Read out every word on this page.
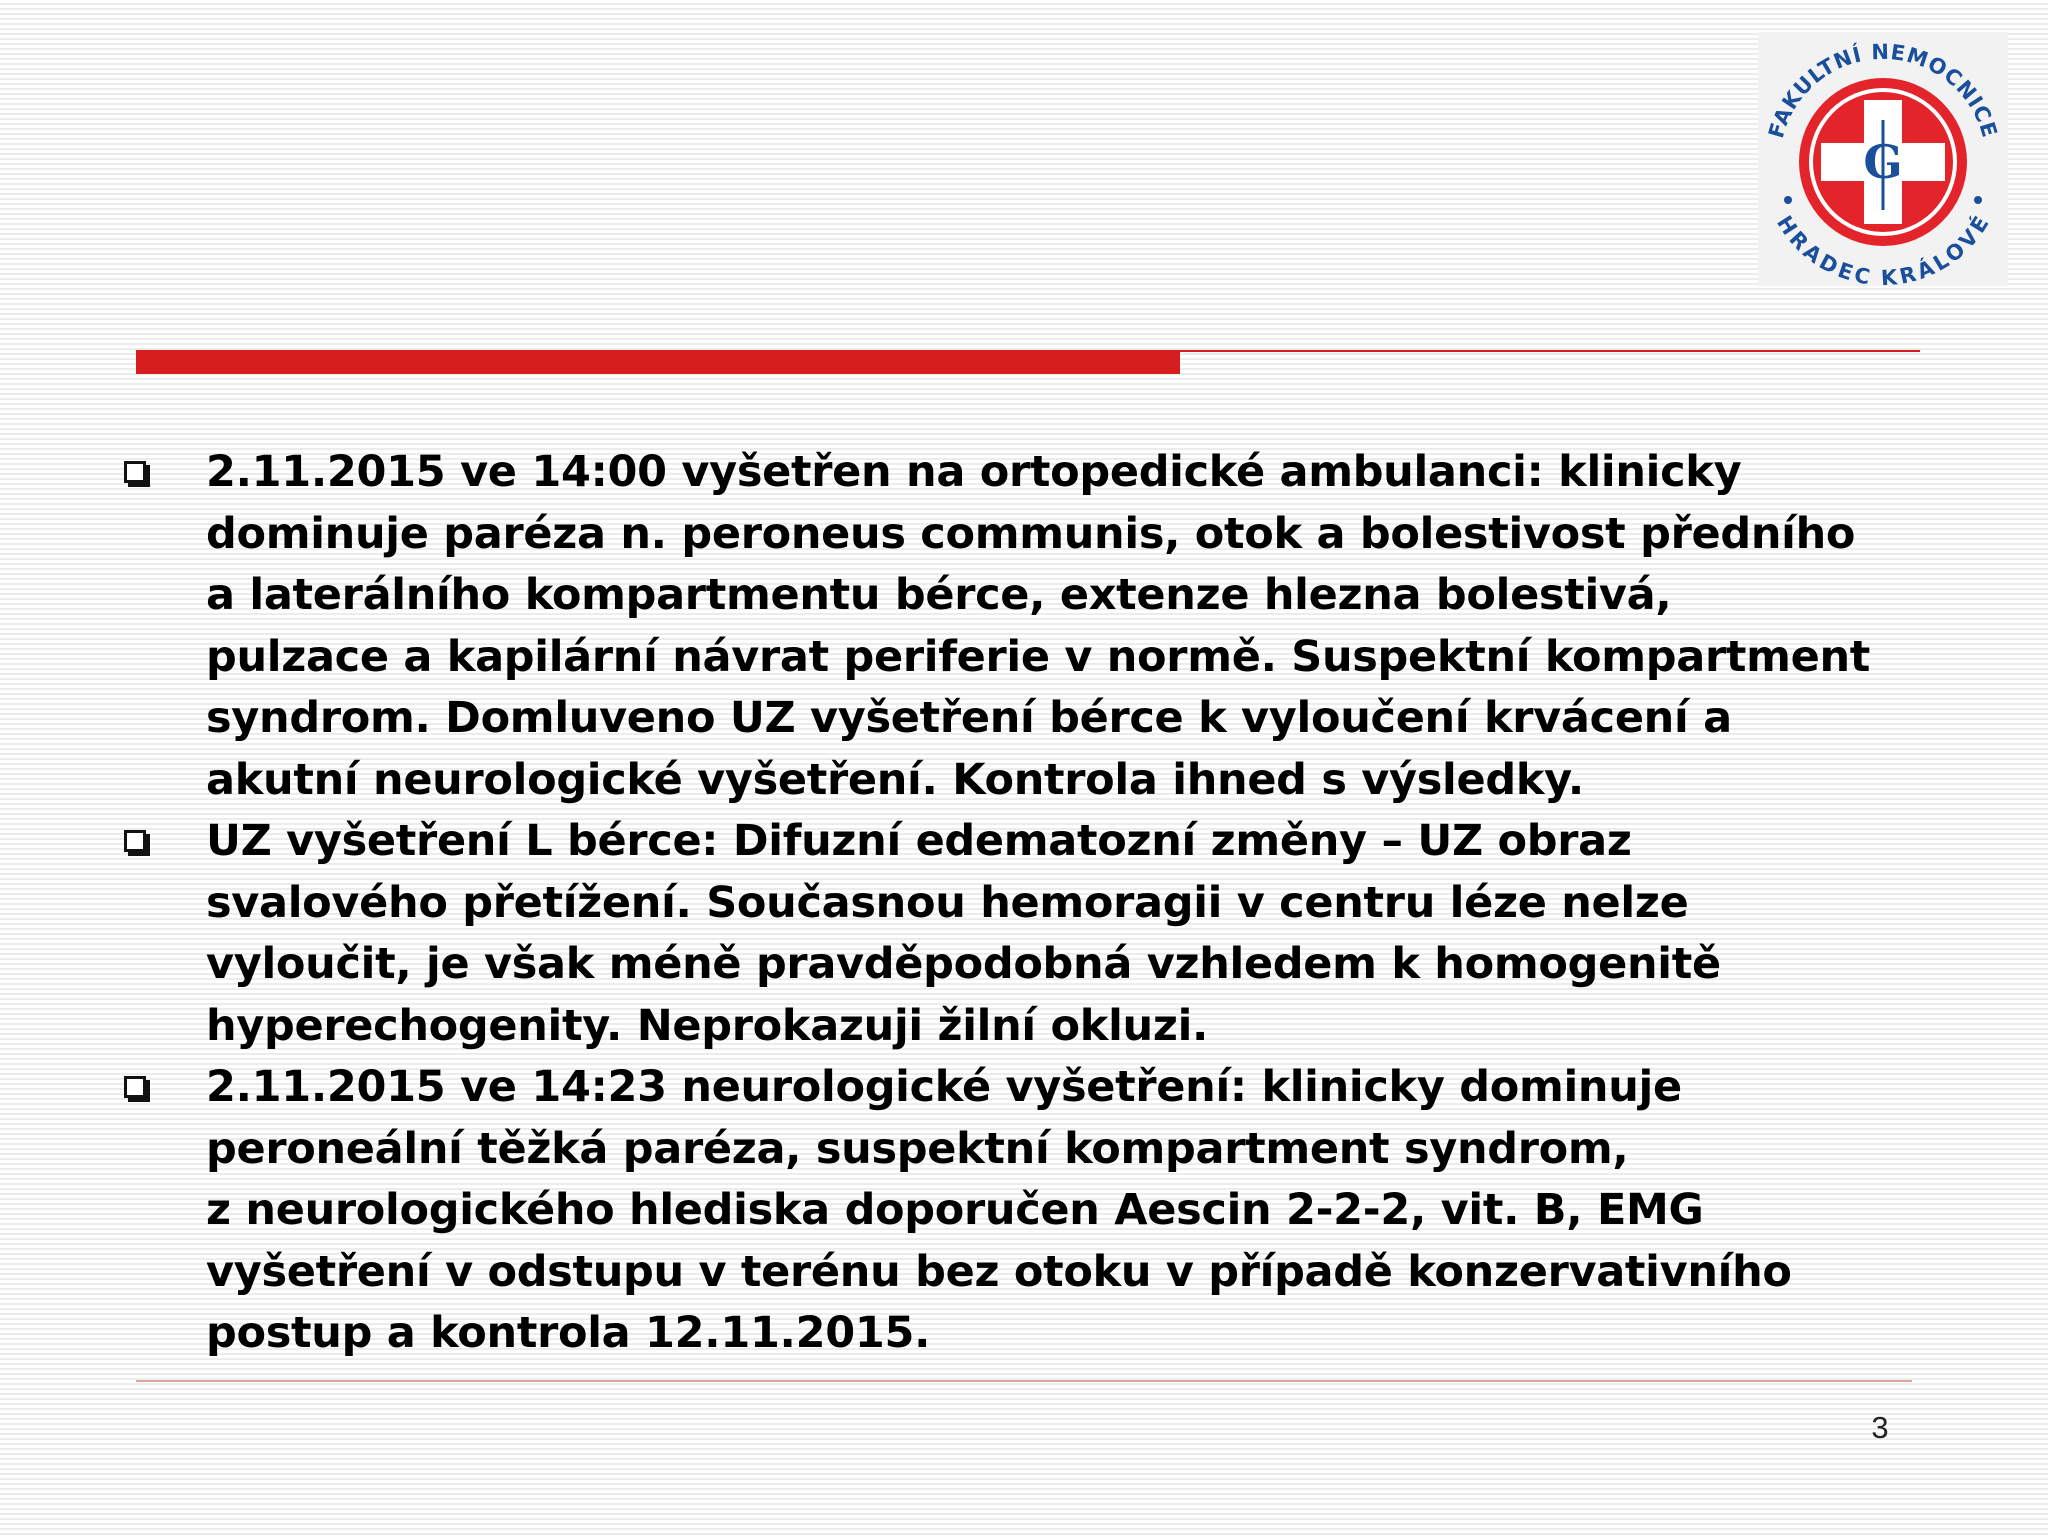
G
FAKULTNÍ NEMOCNICE
HRADEC KRÁLOVÉ
2.11.2015 ve 14:00 vyšetřen na ortopedické ambulanci: klinicky
dominuje paréza n. peroneus communis, otok a bolestivost předního
a laterálního kompartmentu bérce, extenze hlezna bolestivá,
pulzace a kapilární návrat periferie v normě. Suspektní kompartment
syndrom. Domluveno UZ vyšetření bérce k vyloučení krvácení a
akutní neurologické vyšetření. Kontrola ihned s výsledky.
UZ vyšetření L bérce: Difuzní edematozní změny – UZ obraz
svalového přetížení. Současnou hemoragii v centru léze nelze
vyloučit, je však méně pravděpodobná vzhledem k homogenitě
hyperechogenity. Neprokazuji žilní okluzi.
2.11.2015 ve 14:23 neurologické vyšetření: klinicky dominuje
peroneální těžká paréza, suspektní kompartment syndrom,
z neurologického hlediska doporučen Aescin 2-2-2, vit. B, EMG
vyšetření v odstupu v terénu bez otoku v případě konzervativního
postup a kontrola 12.11.2015.
3
